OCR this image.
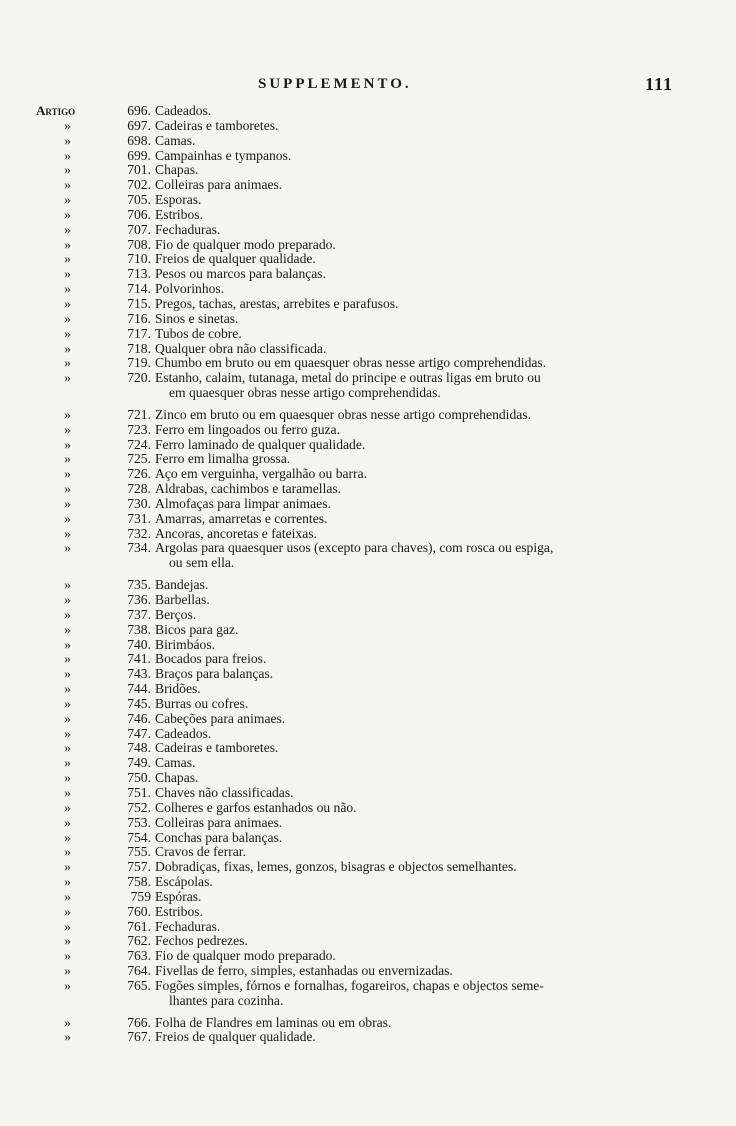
SUPPLEMENTO.	111
Artigo	696. Cadeados.
»	697. Cadeiras e tamboretes.
»	698. Camas.
»	699. Campainhas e tympanos.
»	701. Chapas.
»	702. Colleiras para animaes.
»	705. Esporas.
»	706. Estribos.
»	707. Fechaduras.
»	708. Fio de qualquer modo preparado.
»	710. Freios de qualquer qualidade.
»	713. Pesos ou marcos para balanças.
»	714. Polvorinhos.
»	715. Pregos, tachas, arestas, arrebites e parafusos.
»	716. Sinos e sinetas.
»	717. Tubos de cobre.
»	718. Qualquer obra não classificada.
»	719. Chumbo em bruto ou em quaesquer obras nesse artigo comprehendidas.
»	720. Estanho, calaim, tutanaga, metal do principe e outras ligas em bruto ou
em quaesquer obras nesse artigo comprehendidas.
»	721. Zinco em bruto ou em quaesquer obras nesse artigo comprehendidas.
»	723. Ferro em lingoados ou ferro guza.
»	724. Ferro laminado de qualquer qualidade.
»	725. Ferro em limalha grossa.
»	726. Aço em verguinha, vergalhão ou barra.
»	728. Aldrabas, cachimbos e taramellas.
»	730. Almofaças para limpar animaes.
»	731. Amarras, amarretas e correntes.
»	732. Ancoras, ancoretas e fateixas.
»	734. Argolas para quaesquer usos (excepto para chaves), com rosca ou espiga,
ou sem ella.
»	735. Bandejas.
»	736. Barbellas.
»	737. Berços.
»	738. Bicos para gaz.
»	740. Birimbáos.
»	741. Bocados para freios.
»	743. Braços para balanças.
»	744. Bridões.
»	745. Burras ou cofres.
»	746. Cabeções para animaes.
»	747. Cadeados.
»	748. Cadeiras e tamboretes.
»	749. Camas.
»	750. Chapas.
»	751. Chaves não classificadas.
»	752. Colheres e garfos estanhados ou não.
»	753. Colleiras para animaes.
»	754. Conchas para balanças.
»	755. Cravos de ferrar.
»	757. Dobradiças, fixas, lemes, gonzos, bisagras e objectos semelhantes.
»	758. Escápolas.
»	759 Espóras.
»	760. Estribos.
»	761. Fechaduras.
»	762. Fechos pedrezes.
»	763. Fio de qualquer modo preparado.
»	764. Fivellas de ferro, simples, estanhadas ou envernizadas.
»	765. Fogões simples, fórnos e fornalhas, fogareiros, chapas e objectos seme-
lhantes para cozinha.
»	766. Folha de Flandres em laminas ou em obras.
»	767. Freios de qualquer qualidade.
